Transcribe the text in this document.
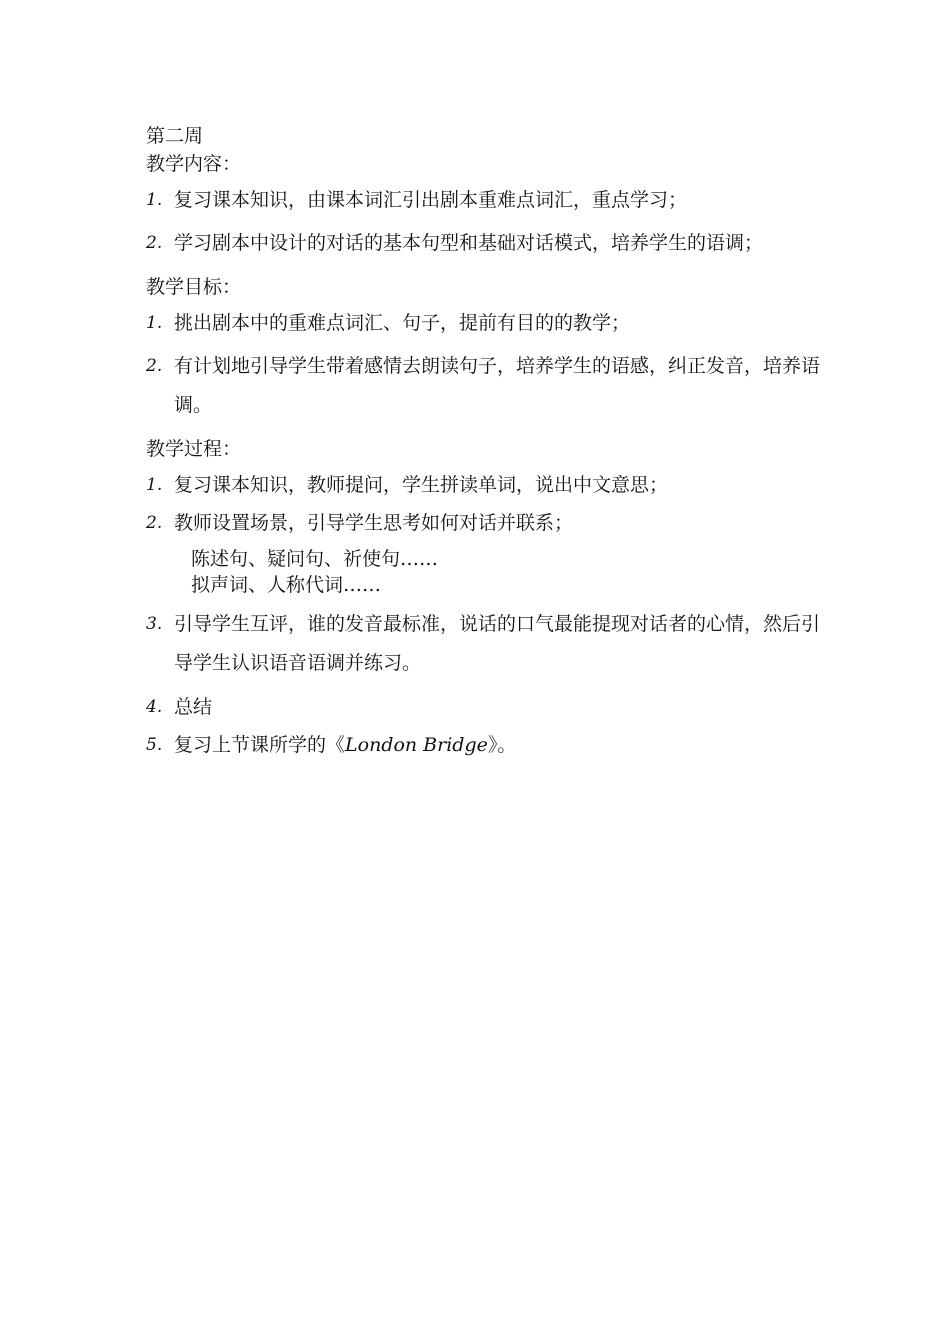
第二周
教学内容：
1. 复习课本知识，由课本词汇引出剧本重难点词汇，重点学习；
2. 学习剧本中设计的对话的基本句型和基础对话模式，培养学生的语调；
教学目标：
1. 挑出剧本中的重难点词汇、句子，提前有目的的教学；
2. 有计划地引导学生带着感情去朗读句子，培养学生的语感，纠正发音，培养语调。
教学过程：
1. 复习课本知识，教师提问，学生拼读单词，说出中文意思；
2. 教师设置场景，引导学生思考如何对话并联系；
陈述句、疑问句、祈使句……
拟声词、人称代词……
3. 引导学生互评，谁的发音最标准，说话的口气最能提现对话者的心情，然后引导学生认识语音语调并练习。
4. 总结
5. 复习上节课所学的《London Bridge》。
